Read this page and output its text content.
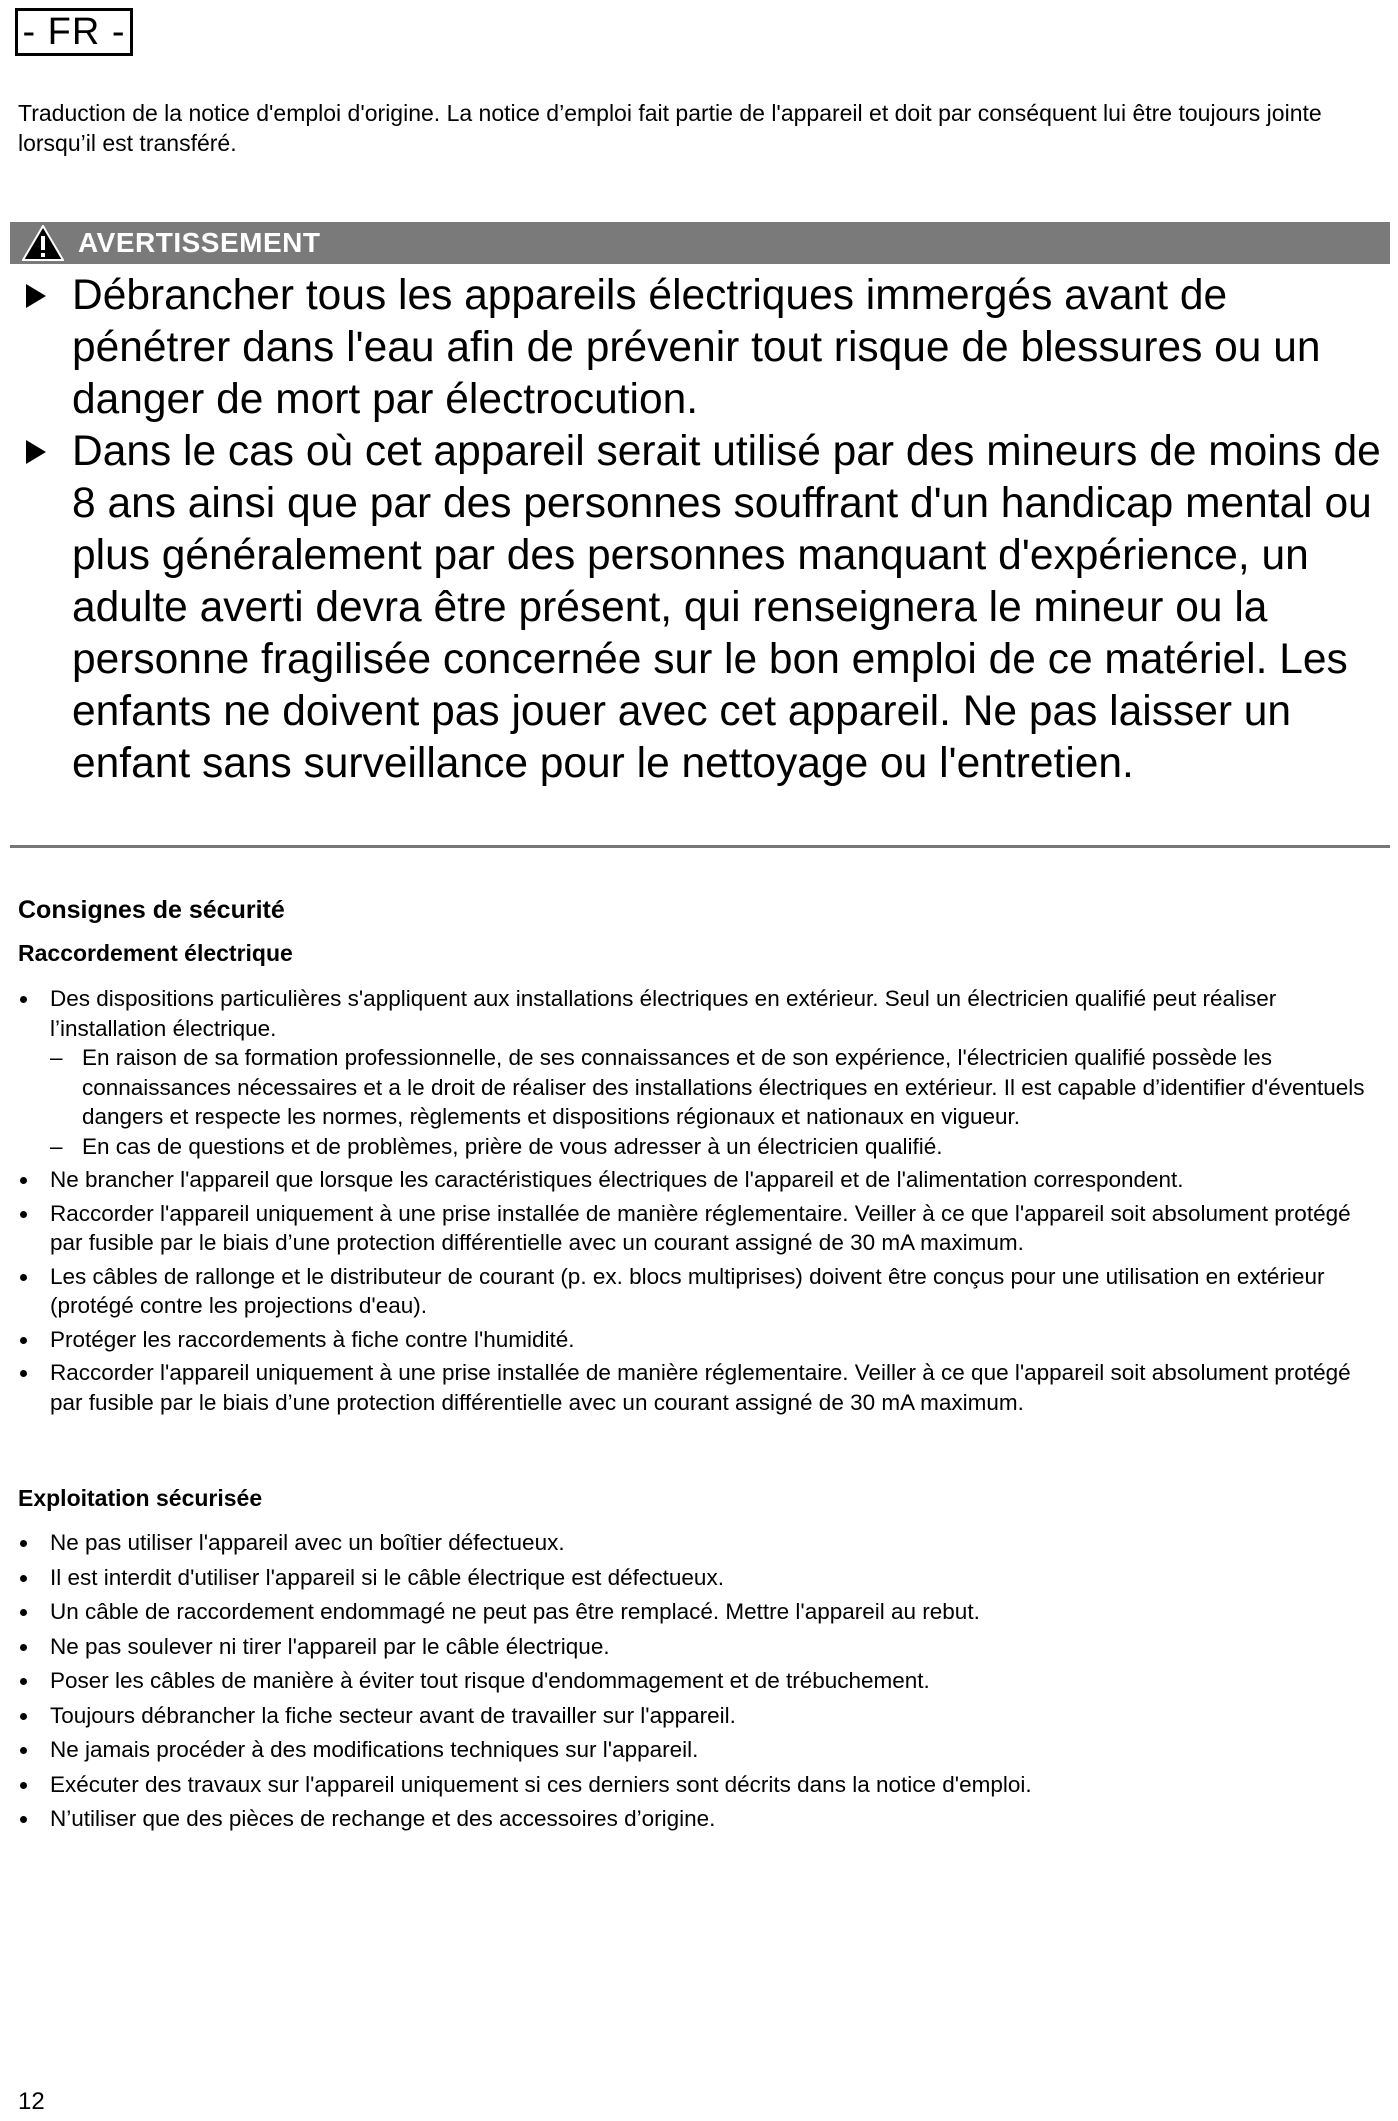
- FR -

Traduction de la notice d'emploi d'origine. La notice d’emploi fait partie de l'appareil et doit par conséquent lui être toujours jointe lorsqu’il est transféré.

AVERTISSEMENT
Débrancher tous les appareils électriques immergés avant de pénétrer dans l'eau afin de prévenir tout risque de blessures ou un danger de mort par électrocution.
Dans le cas où cet appareil serait utilisé par des mineurs de moins de 8 ans ainsi que par des personnes souffrant d'un handicap mental ou plus généralement par des personnes manquant d'expérience, un adulte averti devra être présent, qui renseignera le mineur ou la personne fragilisée concernée sur le bon emploi de ce matériel. Les enfants ne doivent pas jouer avec cet appareil. Ne pas laisser un enfant sans surveillance pour le nettoyage ou l'entretien.
Consignes de sécurité
Raccordement électrique
Des dispositions particulières s'appliquent aux installations électriques en extérieur. Seul un électricien qualifié peut réaliser l’installation électrique.
– En raison de sa formation professionnelle, de ses connaissances et de son expérience, l'électricien qualifié possède les connaissances nécessaires et a le droit de réaliser des installations électriques en extérieur. Il est capable d’identifier d'éventuels dangers et respecte les normes, règlements et dispositions régionaux et nationaux en vigueur.
– En cas de questions et de problèmes, prière de vous adresser à un électricien qualifié.
Ne brancher l'appareil que lorsque les caractéristiques électriques de l'appareil et de l'alimentation correspondent.
Raccorder l'appareil uniquement à une prise installée de manière réglementaire. Veiller à ce que l'appareil soit absolument protégé par fusible par le biais d’une protection différentielle avec un courant assigné de 30 mA maximum.
Les câbles de rallonge et le distributeur de courant (p. ex. blocs multiprises) doivent être conçus pour une utilisation en extérieur (protégé contre les projections d'eau).
Protéger les raccordements à fiche contre l'humidité.
Raccorder l'appareil uniquement à une prise installée de manière réglementaire. Veiller à ce que l'appareil soit absolument protégé par fusible par le biais d’une protection différentielle avec un courant assigné de 30 mA maximum.
Exploitation sécurisée
Ne pas utiliser l'appareil avec un boîtier défectueux.
Il est interdit d'utiliser l'appareil si le câble électrique est défectueux.
Un câble de raccordement endommagé ne peut pas être remplacé. Mettre l'appareil au rebut.
Ne pas soulever ni tirer l'appareil par le câble électrique.
Poser les câbles de manière à éviter tout risque d'endommagement et de trébuchement.
Toujours débrancher la fiche secteur avant de travailler sur l'appareil.
Ne jamais procéder à des modifications techniques sur l'appareil.
Exécuter des travaux sur l'appareil uniquement si ces derniers sont décrits dans la notice d'emploi.
N’utiliser que des pièces de rechange et des accessoires d’origine.
12
